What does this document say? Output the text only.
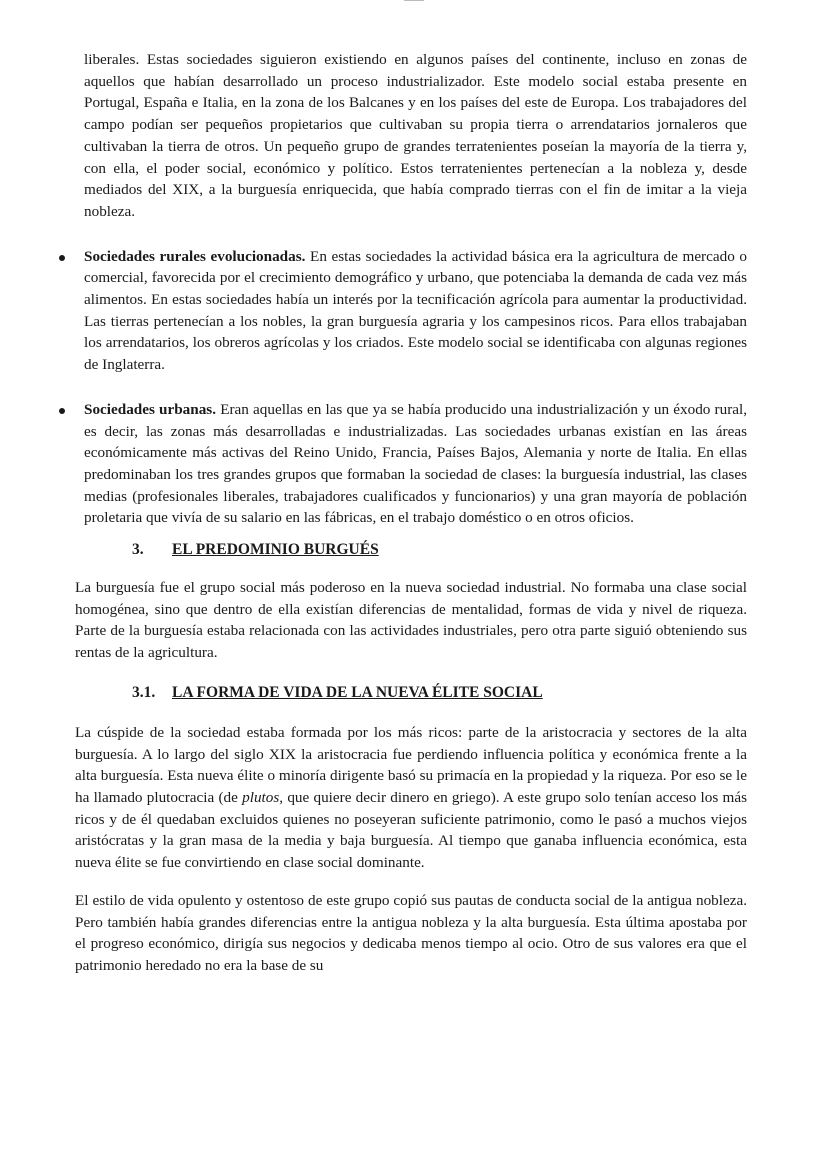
liberales. Estas sociedades siguieron existiendo en algunos países del continente, incluso en zonas de aquellos que habían desarrollado un proceso industrializador. Este modelo social estaba presente en Portugal, España e Italia, en la zona de los Balcanes y en los países del este de Europa. Los trabajadores del campo podían ser pequeños propietarios que cultivaban su propia tierra o arrendatarios jornaleros que cultivaban la tierra de otros. Un pequeño grupo de grandes terratenientes poseían la mayoría de la tierra y, con ella, el poder social, económico y político. Estos terratenientes pertenecían a la nobleza y, desde mediados del XIX, a la burguesía enriquecida, que había comprado tierras con el fin de imitar a la vieja nobleza.

Sociedades rurales evolucionadas. En estas sociedades la actividad básica era la agricultura de mercado o comercial, favorecida por el crecimiento demográfico y urbano, que potenciaba la demanda de cada vez más alimentos. En estas sociedades había un interés por la tecnificación agrícola para aumentar la productividad. Las tierras pertenecían a los nobles, la gran burguesía agraria y los campesinos ricos. Para ellos trabajaban los arrendatarios, los obreros agrícolas y los criados. Este modelo social se identificaba con algunas regiones de Inglaterra.

Sociedades urbanas. Eran aquellas en las que ya se había producido una industrialización y un éxodo rural, es decir, las zonas más desarrolladas e industrializadas. Las sociedades urbanas existían en las áreas económicamente más activas del Reino Unido, Francia, Países Bajos, Alemania y norte de Italia. En ellas predominaban los tres grandes grupos que formaban la sociedad de clases: la burguesía industrial, las clases medias (profesionales liberales, trabajadores cualificados y funcionarios) y una gran mayoría de población proletaria que vivía de su salario en las fábricas, en el trabajo doméstico o en otros oficios.

3. EL PREDOMINIO BURGUÉS

La burguesía fue el grupo social más poderoso en la nueva sociedad industrial. No formaba una clase social homogénea, sino que dentro de ella existían diferencias de mentalidad, formas de vida y nivel de riqueza. Parte de la burguesía estaba relacionada con las actividades industriales, pero otra parte siguió obteniendo sus rentas de la agricultura.

3.1. LA FORMA DE VIDA DE LA NUEVA ÉLITE SOCIAL

La cúspide de la sociedad estaba formada por los más ricos: parte de la aristocracia y sectores de la alta burguesía. A lo largo del siglo XIX la aristocracia fue perdiendo influencia política y económica frente a la alta burguesía. Esta nueva élite o minoría dirigente basó su primacía en la propiedad y la riqueza. Por eso se le ha llamado plutocracia (de plutos, que quiere decir dinero en griego). A este grupo solo tenían acceso los más ricos y de él quedaban excluidos quienes no poseyeran suficiente patrimonio, como le pasó a muchos viejos aristócratas y la gran masa de la media y baja burguesía. Al tiempo que ganaba influencia económica, esta nueva élite se fue convirtiendo en clase social dominante.

El estilo de vida opulento y ostentoso de este grupo copió sus pautas de conducta social de la antigua nobleza. Pero también había grandes diferencias entre la antigua nobleza y la alta burguesía. Esta última apostaba por el progreso económico, dirigía sus negocios y dedicaba menos tiempo al ocio. Otro de sus valores era que el patrimonio heredado no era la base de su
